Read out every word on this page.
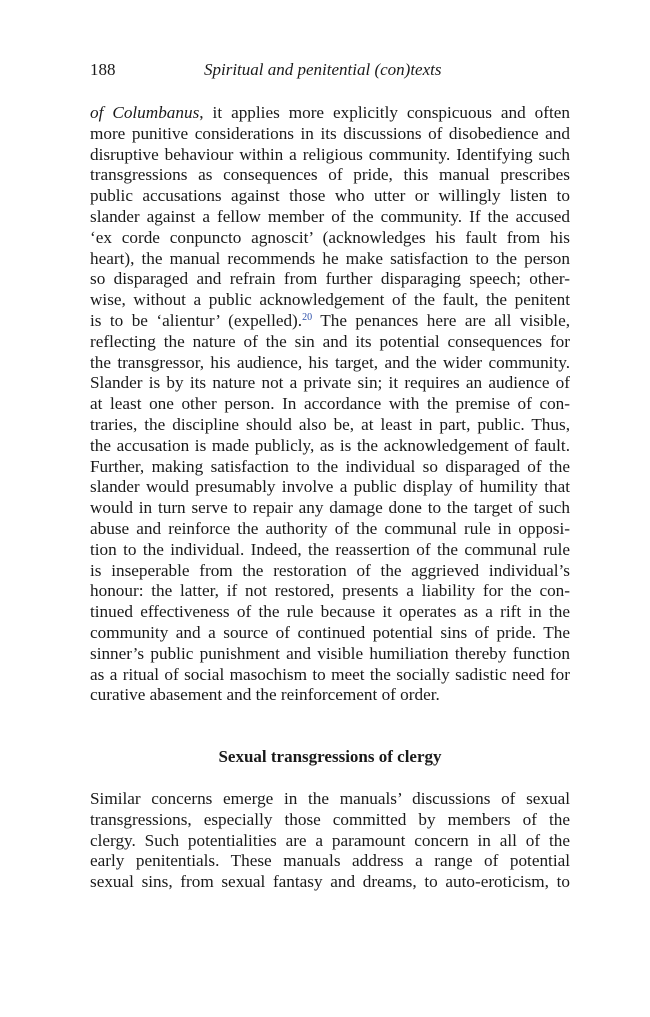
188	Spiritual and penitential (con)texts
of Columbanus, it applies more explicitly conspicuous and often
more punitive considerations in its discussions of disobedience and
disruptive behaviour within a religious community. Identifying such
transgressions as consequences of pride, this manual prescribes
public accusations against those who utter or willingly listen to
slander against a fellow member of the community. If the accused
‘ex corde conpuncto agnoscit’ (acknowledges his fault from his
heart), the manual recommends he make satisfaction to the person
so disparaged and refrain from further disparaging speech; other-
wise, without a public acknowledgement of the fault, the penitent
is to be ‘alientur’ (expelled).$^{20}$ The penances here are all visible,
reflecting the nature of the sin and its potential consequences for
the transgressor, his audience, his target, and the wider community.
Slander is by its nature not a private sin; it requires an audience of
at least one other person. In accordance with the premise of con-
traries, the discipline should also be, at least in part, public. Thus,
the accusation is made publicly, as is the acknowledgement of fault.
Further, making satisfaction to the individual so disparaged of the
slander would presumably involve a public display of humility that
would in turn serve to repair any damage done to the target of such
abuse and reinforce the authority of the communal rule in opposi-
tion to the individual. Indeed, the reassertion of the communal rule
is inseperable from the restoration of the aggrieved individual’s
honour: the latter, if not restored, presents a liability for the con-
tinued effectiveness of the rule because it operates as a rift in the
community and a source of continued potential sins of pride. The
sinner’s public punishment and visible humiliation thereby function
as a ritual of social masochism to meet the socially sadistic need for
curative abasement and the reinforcement of order.
Sexual transgressions of clergy
Similar concerns emerge in the manuals’ discussions of sexual
transgressions, especially those committed by members of the
clergy. Such potentialities are a paramount concern in all of the
early penitentials. These manuals address a range of potential
sexual sins, from sexual fantasy and dreams, to auto-eroticism, to
